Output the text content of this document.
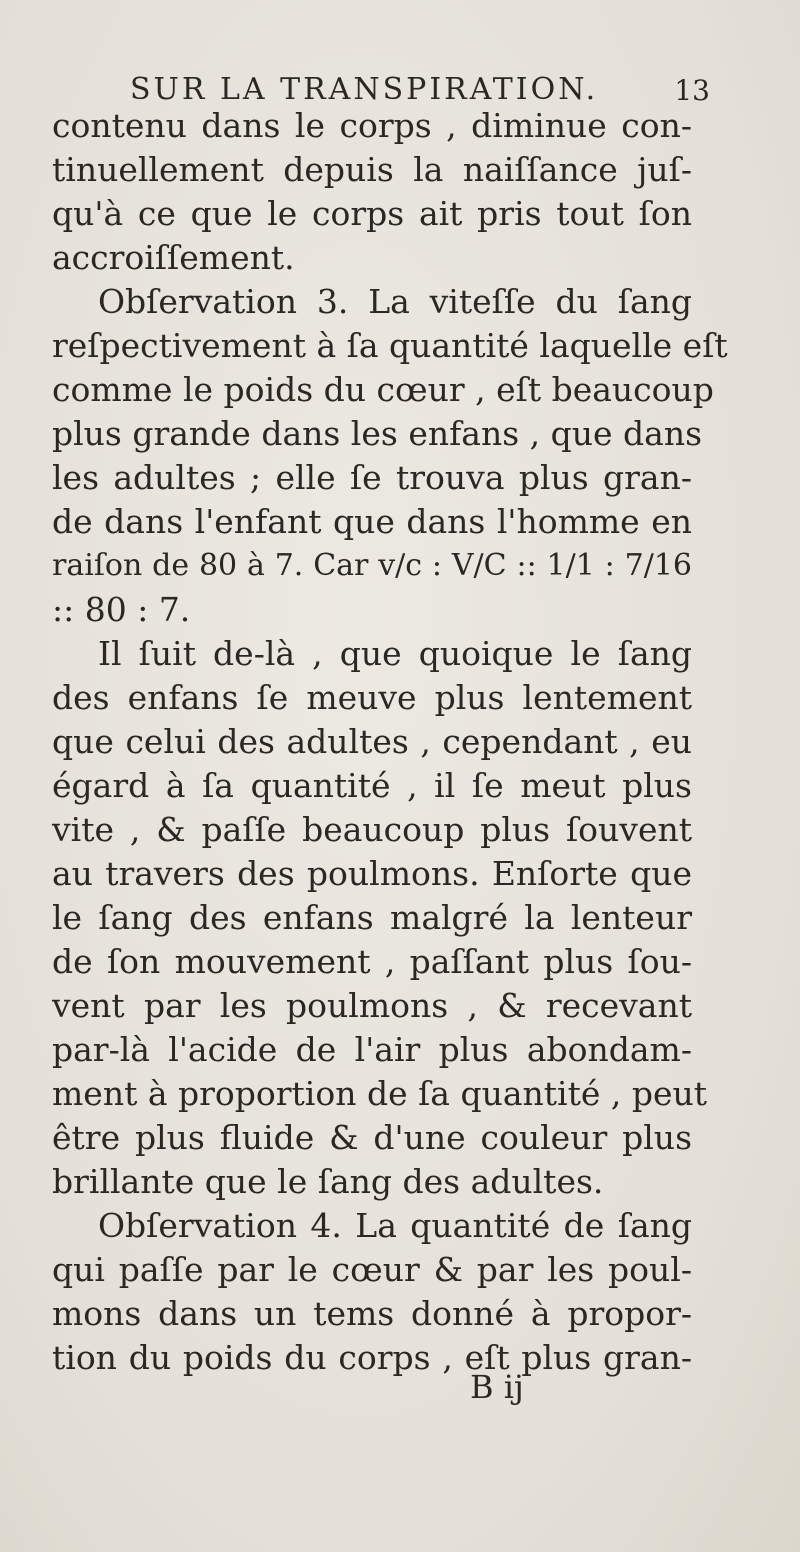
SUR LA TRANSPIRATION.	13
contenu dans le corps , diminue con-
tinuellement depuis la naiſſance juſ-
qu'à ce que le corps ait pris tout ſon
accroiſſement.
Obſervation 3. La viteſſe du ſang
reſpectivement à ſa quantité laquelle eſt
comme le poids du cœur , eſt beaucoup
plus grande dans les enfans , que dans
les adultes ; elle ſe trouva plus gran-
de dans l'enfant que dans l'homme en
raiſon de 80 à 7. Car v/c : V/C :: 1/1 : 7/16
:: 80 : 7.
Il ſuit de-là , que quoique le ſang
des enfans ſe meuve plus lentement
que celui des adultes , cependant , eu
égard à ſa quantité , il ſe meut plus
vite , & paſſe beaucoup plus ſouvent
au travers des poulmons. Enſorte que
le ſang des enfans malgré la lenteur
de ſon mouvement , paſſant plus ſou-
vent par les poulmons , & recevant
par-là l'acide de l'air plus abondam-
ment à proportion de ſa quantité , peut
être plus fluide & d'une couleur plus
brillante que le ſang des adultes.
Obſervation 4. La quantité de ſang
qui paſſe par le cœur & par les poul-
mons dans un tems donné à propor-
tion du poids du corps , eſt plus gran-
B ij
